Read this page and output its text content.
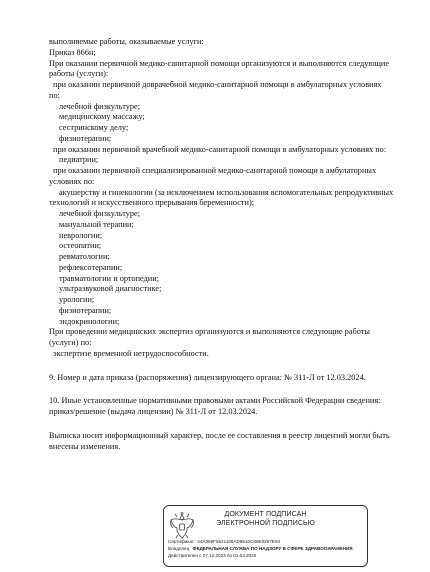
выполняемые работы, оказываемые услуги:
Приказ 866н;
При оказании первичной медико-санитарной помощи организуются и выполняются следующие
работы (услуги):
при оказании первичной доврачебной медико-санитарной помощи в амбулаторных условиях
по:
лечебной физкультуре;
медицинскому массажу;
сестринскому делу;
физиотерапии;
при оказании первичной врачебной медико-санитарной помощи в амбулаторных условиях по:
педиатрии;
при оказании первичной специализированной медико-санитарной помощи в амбулаторных
условиях по:
акушерству и гинекологии (за исключением использования вспомогательных репродуктивных
технологий и искусственного прерывания беременности);
лечебной физкультуре;
мануальной терапии;
неврологии;
остеопатии;
ревматологии;
рефлексотерапии;
травматологии и ортопедии;
ультразвуковой диагностике;
урологии;
физиотерапии;
эндокринологии;
При проведении медицинских экспертиз организуются и выполняются следующие работы
(услуги) по:
экспертизе временной нетрудоспособности.
9. Номер и дата приказа (распоряжения) лицензирующего органа: № 311-Л от 12.03.2024.
10. Иные установленные нормативными правовыми актами Российской Федерации сведения:
приказ/решение (выдача лицензии) № 311-Л от 12.03.2024.
Выписка носит информационный характер, после ее составления в реестр лицензий могли быть
внесены изменения.
ДОКУМЕНТ ПОДПИСАН
ЭЛЕКТРОННОЙ ПОДПИСЬЮ
Сертификат 44A369F5521108AD8610C88E0257E03
Владелец ФЕДЕРАЛЬНАЯ СЛУЖБА ПО НАДЗОРУ В СФЕРЕ ЗДРАВООХРАНЕНИЯ
Действителен с 07.12.2023 по 01.03.2025
